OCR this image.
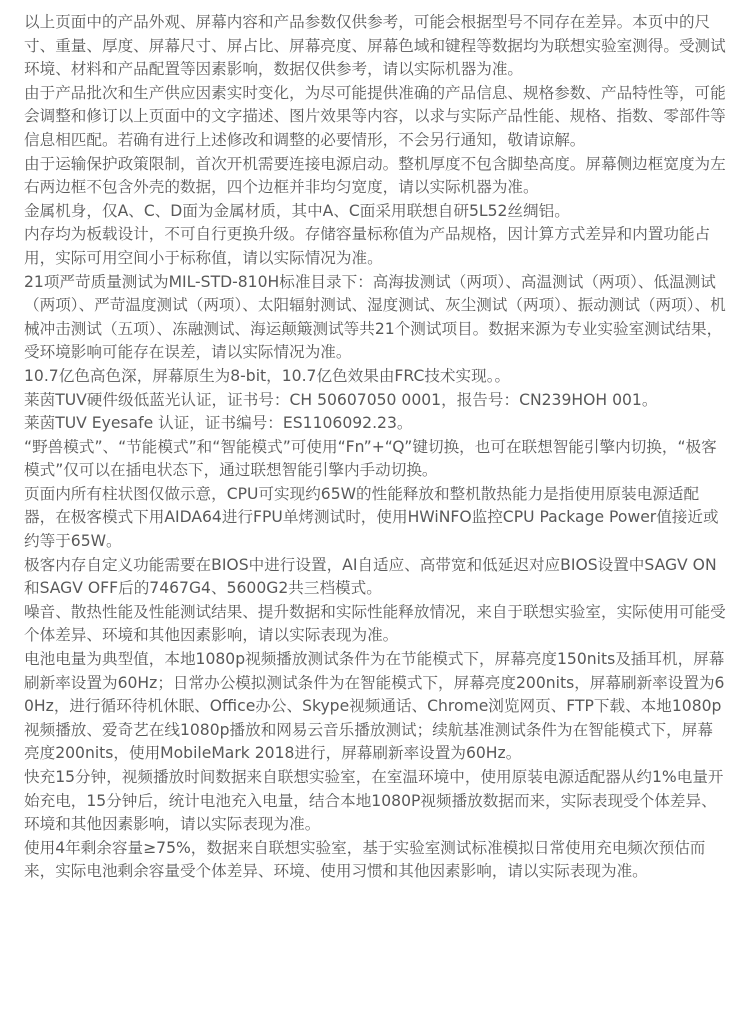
以上页面中的产品外观、屏幕内容和产品参数仅供参考，可能会根据型号不同存在差异。本页中的尺寸、重量、厚度、屏幕尺寸、屏占比、屏幕亮度、屏幕色域和键程等数据均为联想实验室测得。受测试环境、材料和产品配置等因素影响，数据仅供参考，请以实际机器为准。

由于产品批次和生产供应因素实时变化，为尽可能提供准确的产品信息、规格参数、产品特性等，可能会调整和修订以上页面中的文字描述、图片效果等内容，以求与实际产品性能、规格、指数、零部件等信息相匹配。若确有进行上述修改和调整的必要情形，不会另行通知，敬请谅解。

由于运输保护政策限制，首次开机需要连接电源启动。整机厚度不包含脚垫高度。屏幕侧边框宽度为左右两边框不包含外壳的数据，四个边框并非均匀宽度，请以实际机器为准。

金属机身，仅A、C、D面为金属材质，其中A、C面采用联想自研5L52丝绸铝。

内存均为板载设计，不可自行更换升级。存储容量标称值为产品规格，因计算方式差异和内置功能占用，实际可用空间小于标称值，请以实际情况为准。

21项严苛质量测试为MIL-STD-810H标准目录下：高海拔测试（两项）、高温测试（两项）、低温测试（两项）、严苛温度测试（两项）、太阳辐射测试、湿度测试、灰尘测试（两项）、振动测试（两项）、机械冲击测试（五项）、冻融测试、海运颠簸测试等共21个测试项目。数据来源为专业实验室测试结果，受环境影响可能存在误差，请以实际情况为准。

10.7亿色高色深，屏幕原生为8-bit，10.7亿色效果由FRC技术实现。。

莱茵TUV硬件级低蓝光认证，证书号：CH 50607050 0001，报告号：CN239HOH 001。

莱茵TUV Eyesafe 认证，证书编号：ES1106092.23。

“野兽模式”、“节能模式”和“智能模式”可使用“Fn”+“Q”键切换，也可在联想智能引擎内切换，“极客模式”仅可以在插电状态下，通过联想智能引擎内手动切换。

页面内所有柱状图仅做示意，CPU可实现约65W的性能释放和整机散热能力是指使用原装电源适配器，在极客模式下用AIDA64进行FPU单烤测试时，使用HWiNFO监控CPU Package Power值接近或约等于65W。

极客内存自定义功能需要在BIOS中进行设置，AI自适应、高带宽和低延迟对应BIOS设置中SAGV ON和SAGV OFF后的7467G4、5600G2共三档模式。

噪音、散热性能及性能测试结果、提升数据和实际性能释放情况，来自于联想实验室，实际使用可能受个体差异、环境和其他因素影响，请以实际表现为准。

电池电量为典型值，本地1080p视频播放测试条件为在节能模式下，屏幕亮度150nits及插耳机，屏幕刷新率设置为60Hz；日常办公模拟测试条件为在智能模式下，屏幕亮度200nits，屏幕刷新率设置为60Hz，进行循环待机休眠、Office办公、Skype视频通话、Chrome浏览网页、FTP下载、本地1080p视频播放、爱奇艺在线1080p播放和网易云音乐播放测试；续航基准测试条件为在智能模式下，屏幕亮度200nits，使用MobileMark 2018进行，屏幕刷新率设置为60Hz。

快充15分钟，视频播放时间数据来自联想实验室，在室温环境中，使用原装电源适配器从约1%电量开始充电，15分钟后，统计电池充入电量，结合本地1080P视频播放数据而来，实际表现受个体差异、环境和其他因素影响，请以实际表现为准。

使用4年剩余容量≥75%，数据来自联想实验室，基于实验室测试标准模拟日常使用充电频次预估而来，实际电池剩余容量受个体差异、环境、使用习惯和其他因素影响，请以实际表现为准。
